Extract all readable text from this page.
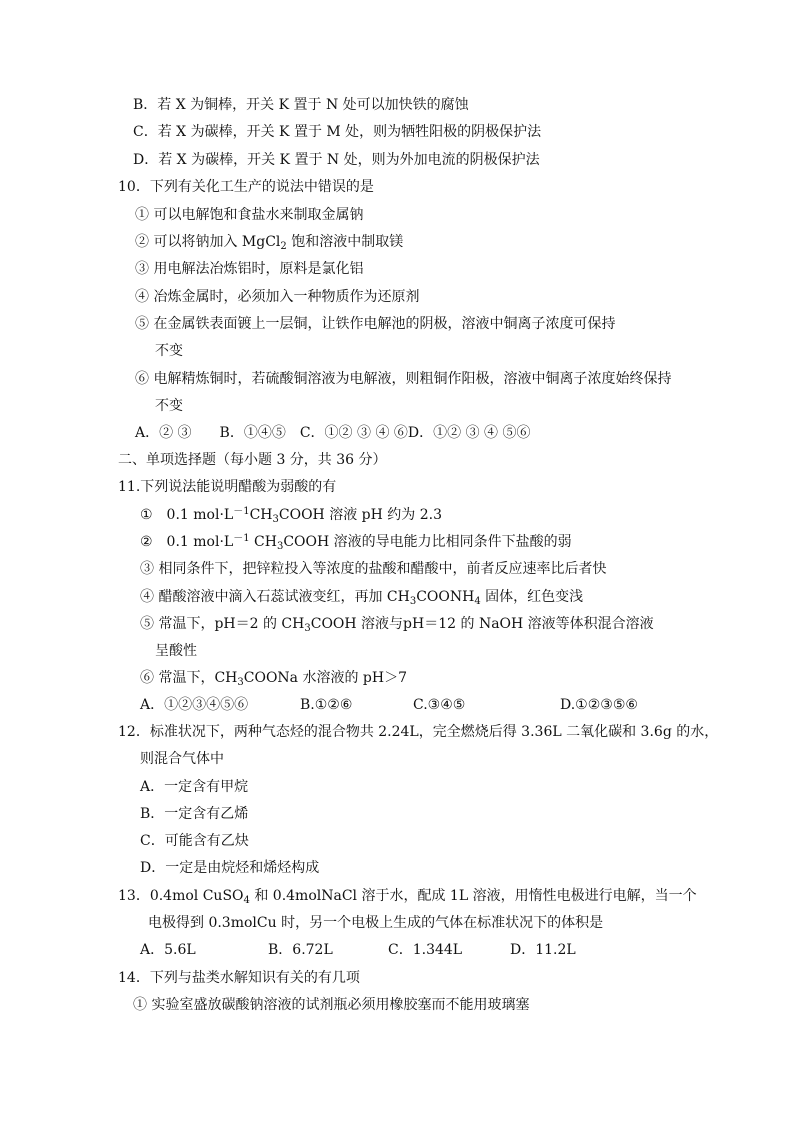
B．若 X 为铜棒，开关 K 置于 N 处可以加快铁的腐蚀
C．若 X 为碳棒，开关 K 置于 M 处，则为牺牲阳极的阴极保护法
D．若 X 为碳棒，开关 K 置于 N 处，则为外加电流的阴极保护法
10．下列有关化工生产的说法中错误的是
① 可以电解饱和食盐水来制取金属钠
② 可以将钠加入 MgCl$_2$ 饱和溶液中制取镁
③ 用电解法冶炼铝时，原料是氯化铝
④ 冶炼金属时，必须加入一种物质作为还原剂
⑤ 在金属铁表面镀上一层铜，让铁作电解池的阴极，溶液中铜离子浓度可保持
不变
⑥ 电解精炼铜时，若硫酸铜溶液为电解液，则粗铜作阳极，溶液中铜离子浓度始终保持
不变
A．② ③　　B．①④⑤　C．①② ③ ④ ⑥D．①② ③ ④ ⑤⑥
二、单项选择题（每小题 3 分，共 36 分）
11.下列说法能说明醋酸为弱酸的有
①　0.1 $mol\cdot L^{-1}CH_3COOH$ 溶液 pH 约为 2.3
②　0.1 $mol\cdot L^{-1}$ $CH_3COOH$ 溶液的导电能力比相同条件下盐酸的弱
③ 相同条件下，把锌粒投入等浓度的盐酸和醋酸中，前者反应速率比后者快
④ 醋酸溶液中滴入石蕊试液变红，再加 $CH_3COONH_4$ 固体，红色变浅
⑤ 常温下，pH＝2 的 $CH_3COOH$ 溶液与pH＝12 的 NaOH 溶液等体积混合溶液
呈酸性
⑥ 常温下，$CH_3COONa$ 水溶液的 pH＞7
A．①②③④⑤⑥	B.①②⑥	C.③④⑤	D.①②③⑤⑥
12．标准状况下，两种气态烃的混合物共 2.24L，完全燃烧后得 3.36L 二氧化碳和 3.6g 的水，
则混合气体中
A．一定含有甲烷
B．一定含有乙烯
C．可能含有乙炔
D．一定是由烷烃和烯烃构成
13．0.4mol CuSO$_4$ 和 0.4molNaCl 溶于水，配成 1L 溶液，用惰性电极进行电解，当一个
电极得到 0.3molCu 时，另一个电极上生成的气体在标准状况下的体积是
A．5.6L	B．6.72L	C．1.344L	D．11.2L
14．下列与盐类水解知识有关的有几项
① 实验室盛放碳酸钠溶液的试剂瓶必须用橡胶塞而不能用玻璃塞
